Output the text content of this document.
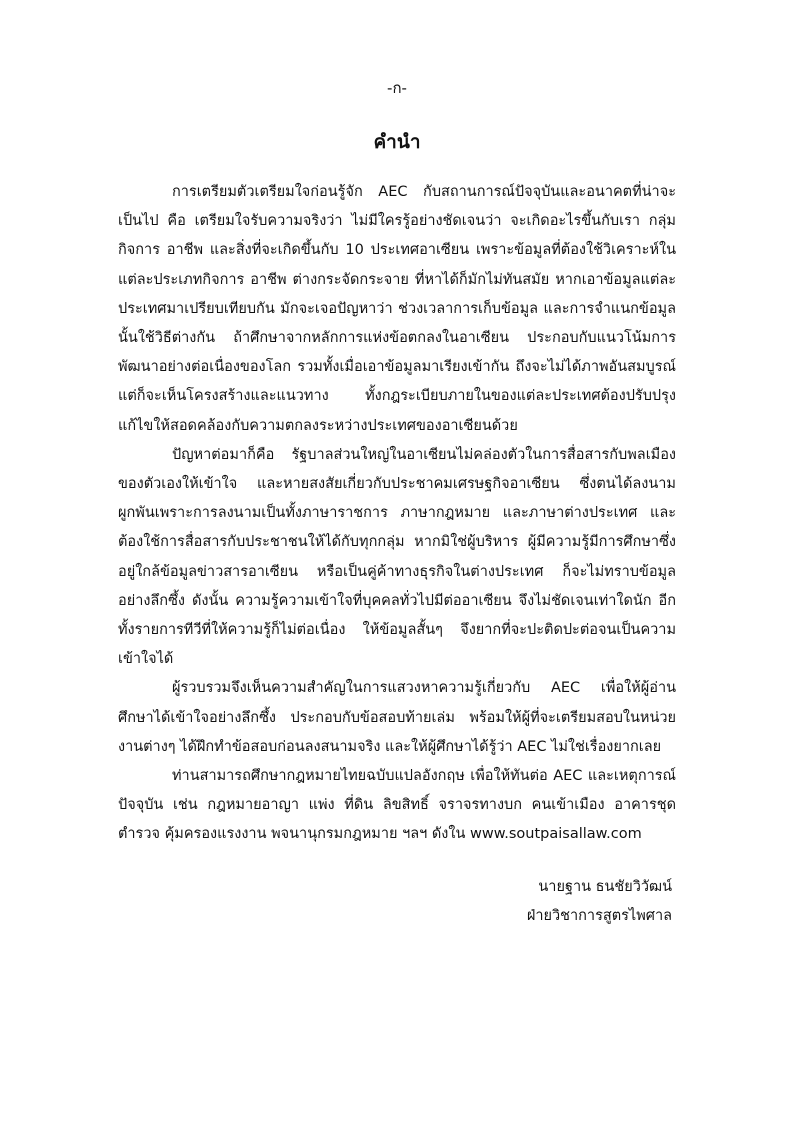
-ก-
คำนำ

การเตรียมตัวเตรียมใจก่อนรู้จัก AEC กับสถานการณ์ปัจจุบันและอนาคตที่น่าจะเป็นไป คือ เตรียมใจรับความจริงว่า ไม่มีใครรู้อย่างชัดเจนว่า จะเกิดอะไรขึ้นกับเรา กลุ่มกิจการ อาชีพ และสิ่งที่จะเกิดขึ้นกับ 10 ประเทศอาเซียน เพราะข้อมูลที่ต้องใช้วิเคราะห์ในแต่ละประเภทกิจการ อาชีพ ต่างกระจัดกระจาย ที่หาได้ก็มักไม่ทันสมัย หากเอาข้อมูลแต่ละประเทศมาเปรียบเทียบกัน มักจะเจอปัญหาว่า ช่วงเวลาการเก็บข้อมูล และการจำแนกข้อมูลนั้นใช้วิธีต่างกัน ถ้าศึกษาจากหลักการแห่งข้อตกลงในอาเซียน ประกอบกับแนวโน้มการพัฒนาอย่างต่อเนื่องของโลก รวมทั้งเมื่อเอาข้อมูลมาเรียงเข้ากัน ถึงจะไม่ได้ภาพอันสมบูรณ์ แต่ก็จะเห็นโครงสร้างและแนวทาง ทั้งกฎระเบียบภายในของแต่ละประเทศต้องปรับปรุงแก้ไขให้สอดคล้องกับความตกลงระหว่างประเทศของอาเซียนด้วย

ปัญหาต่อมาก็คือ รัฐบาลส่วนใหญ่ในอาเซียนไม่คล่องตัวในการสื่อสารกับพลเมืองของตัวเองให้เข้าใจ และหายสงสัยเกี่ยวกับประชาคมเศรษฐกิจอาเซียน ซึ่งตนได้ลงนามผูกพันเพราะการลงนามเป็นทั้งภาษาราชการ ภาษากฎหมาย และภาษาต่างประเทศ และต้องใช้การสื่อสารกับประชาชนให้ได้กับทุกกลุ่ม หากมิใช่ผู้บริหาร ผู้มีความรู้มีการศึกษาซึ่งอยู่ใกล้ข้อมูลข่าวสารอาเซียน หรือเป็นคู่ค้าทางธุรกิจในต่างประเทศ ก็จะไม่ทราบข้อมูลอย่างลึกซึ้ง ดังนั้น ความรู้ความเข้าใจที่บุคคลทั่วไปมีต่ออาเซียน จึงไม่ชัดเจนเท่าใดนัก อีกทั้งรายการทีวีที่ให้ความรู้ก็ไม่ต่อเนื่อง ให้ข้อมูลสั้นๆ จึงยากที่จะปะติดปะต่อจนเป็นความเข้าใจได้

ผู้รวบรวมจึงเห็นความสำคัญในการแสวงหาความรู้เกี่ยวกับ AEC เพื่อให้ผู้อ่าน ศึกษาได้เข้าใจอย่างลึกซึ้ง ประกอบกับข้อสอบท้ายเล่ม พร้อมให้ผู้ที่จะเตรียมสอบในหน่วยงานต่างๆ ได้ฝึกทำข้อสอบก่อนลงสนามจริง และให้ผู้ศึกษาได้รู้ว่า AEC ไม่ใช่เรื่องยากเลย

ท่านสามารถศึกษากฎหมายไทยฉบับแปลอังกฤษ เพื่อให้ทันต่อ AEC และเหตุการณ์ปัจจุบัน เช่น กฎหมายอาญา แพ่ง ที่ดิน ลิขสิทธิ์ จราจรทางบก คนเข้าเมือง อาคารชุด ตำรวจ คุ้มครองแรงงาน พจนานุกรมกฎหมาย ฯลฯ ดังใน www.soutpaisallaw.com

นายฐาน ธนชัยวิวัฒน์
ฝ่ายวิชาการสูตรไพศาล
